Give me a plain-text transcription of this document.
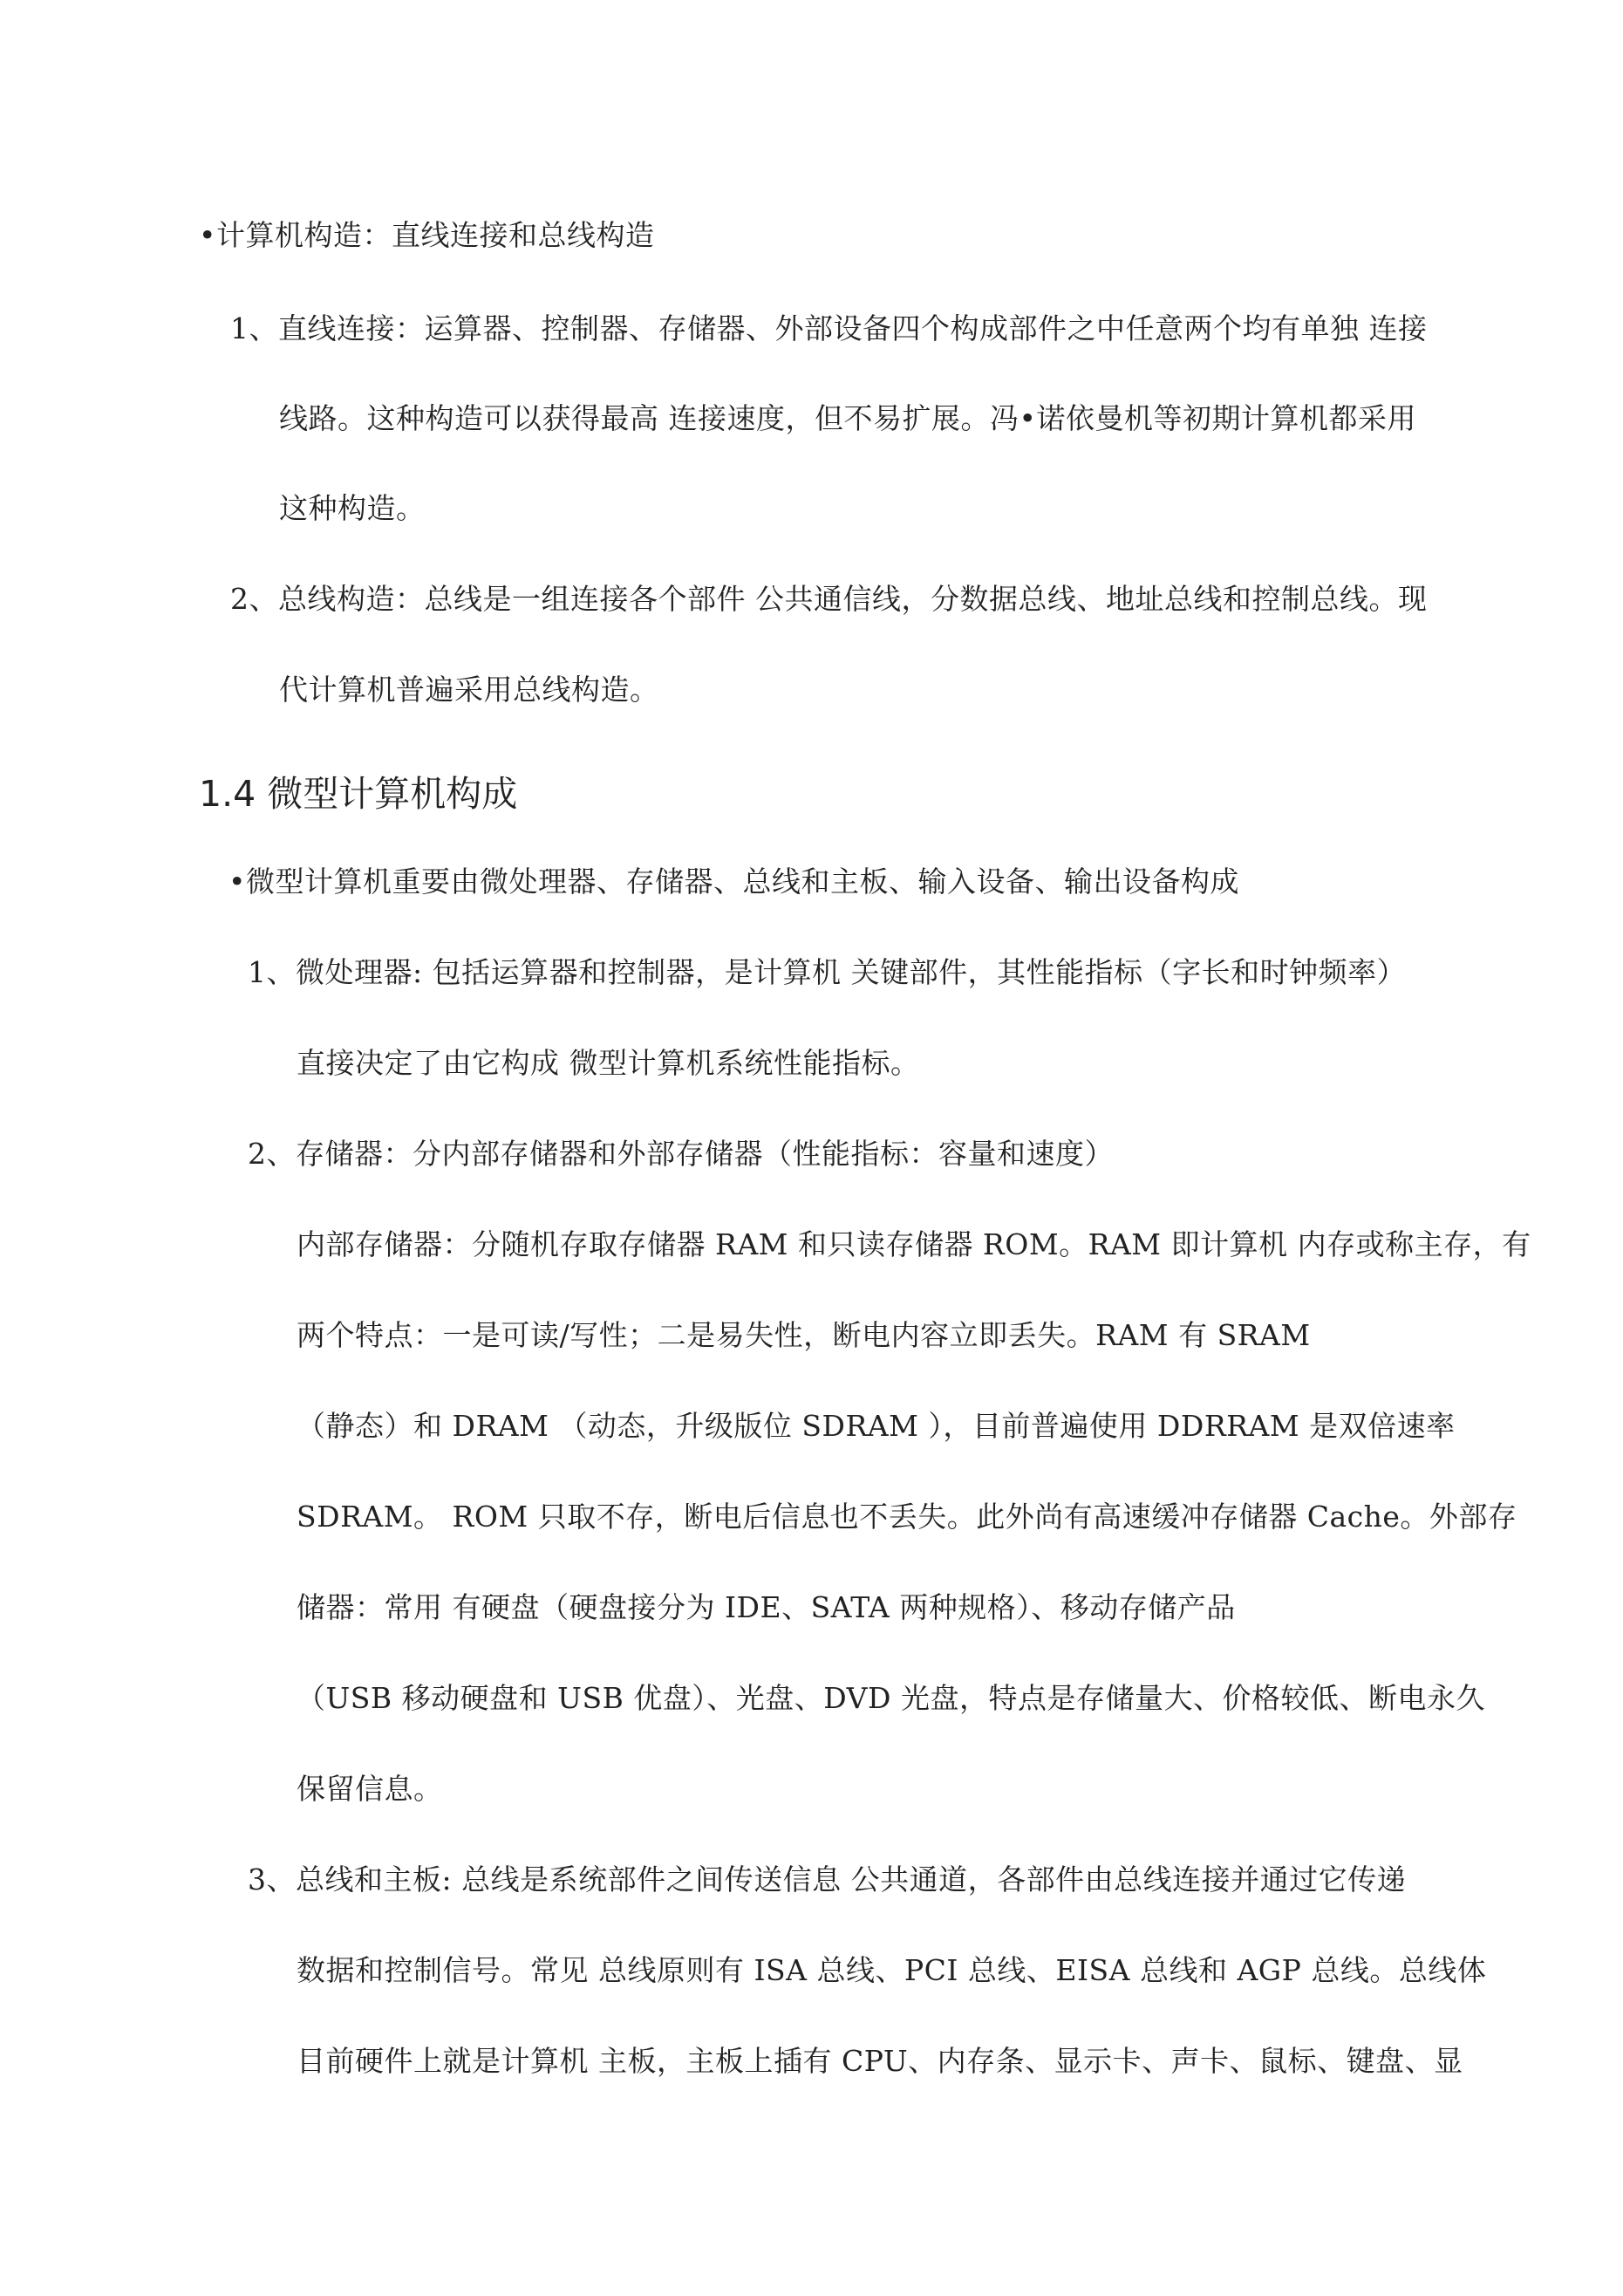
•计算机构造：直线连接和总线构造
1、直线连接：运算器、控制器、存储器、外部设备四个构成部件之中任意两个均有单独 连接
线路。这种构造可以获得最高 连接速度，但不易扩展。冯•诺依曼机等初期计算机都采用
这种构造。
2、总线构造：总线是一组连接各个部件 公共通信线，分数据总线、地址总线和控制总线。现
代计算机普遍采用总线构造。
1.4 微型计算机构成
•微型计算机重要由微处理器、存储器、总线和主板、输入设备、输出设备构成
1、微处理器: 包括运算器和控制器，是计算机 关键部件，其性能指标（字长和时钟频率）
直接决定了由它构成 微型计算机系统性能指标。
2、存储器：分内部存储器和外部存储器（性能指标：容量和速度）
内部存储器：分随机存取存储器 RAM 和只读存储器 ROM。RAM 即计算机 内存或称主存，有
两个特点：一是可读/写性；二是易失性，断电内容立即丢失。RAM 有 SRAM
（静态）和 DRAM （动态，升级版位 SDRAM ），目前普遍使用 DDRRAM 是双倍速率
SDRAM。 ROM 只取不存，断电后信息也不丢失。此外尚有高速缓冲存储器 Cache。外部存
储器：常用 有硬盘（硬盘接分为 IDE、SATA 两种规格）、移动存储产品
（USB 移动硬盘和 USB 优盘）、光盘、DVD 光盘，特点是存储量大、价格较低、断电永久
保留信息。
3、总线和主板: 总线是系统部件之间传送信息 公共通道，各部件由总线连接并通过它传递
数据和控制信号。常见 总线原则有 ISA 总线、PCI 总线、EISA 总线和 AGP 总线。总线体
目前硬件上就是计算机 主板，主板上插有 CPU、内存条、显示卡、声卡、鼠标、键盘、显
